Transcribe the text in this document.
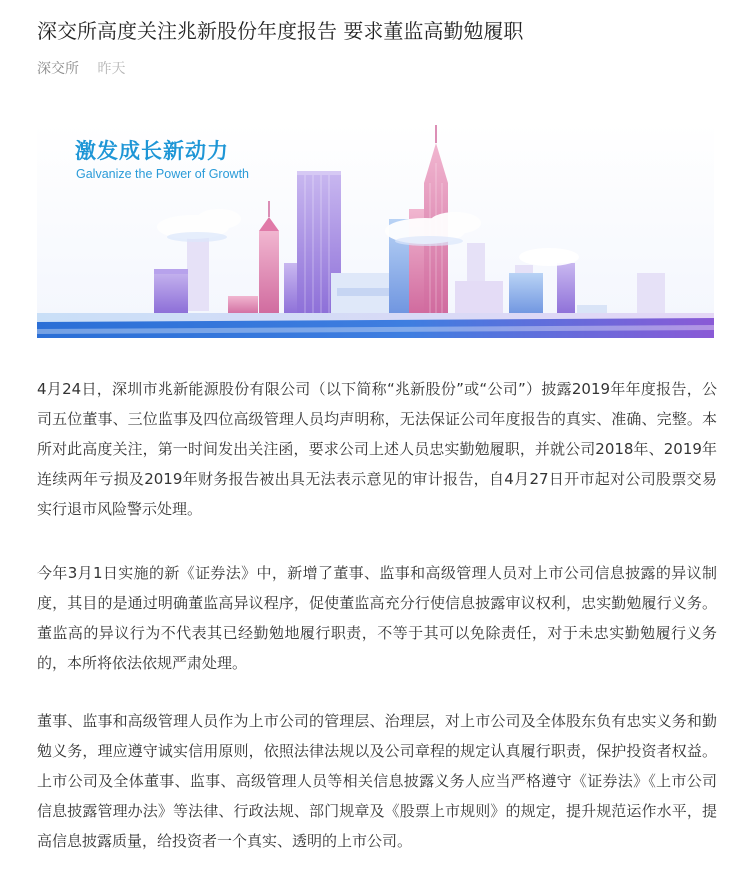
深交所高度关注兆新股份年度报告 要求董监高勤勉履职
深交所 昨天
激发成长新动力
Galvanize the Power of Growth

4月24日，深圳市兆新能源股份有限公司（以下简称“兆新股份”或“公司”）披露2019年年度报告，公司五位董事、三位监事及四位高级管理人员均声明称，无法保证公司年度报告的真实、准确、完整。本所对此高度关注，第一时间发出关注函，要求公司上述人员忠实勤勉履职，并就公司2018年、2019年连续两年亏损及2019年财务报告被出具无法表示意见的审计报告，自4月27日开市起对公司股票交易实行退市风险警示处理。

今年3月1日实施的新《证券法》中，新增了董事、监事和高级管理人员对上市公司信息披露的异议制度，其目的是通过明确董监高异议程序，促使董监高充分行使信息披露审议权利，忠实勤勉履行义务。董监高的异议行为不代表其已经勤勉地履行职责，不等于其可以免除责任，对于未忠实勤勉履行义务的，本所将依法依规严肃处理。

董事、监事和高级管理人员作为上市公司的管理层、治理层，对上市公司及全体股东负有忠实义务和勤勉义务，理应遵守诚实信用原则，依照法律法规以及公司章程的规定认真履行职责，保护投资者权益。上市公司及全体董事、监事、高级管理人员等相关信息披露义务人应当严格遵守《证券法》《上市公司信息披露管理办法》等法律、行政法规、部门规章及《股票上市规则》的规定，提升规范运作水平，提高信息披露质量，给投资者一个真实、透明的上市公司。
